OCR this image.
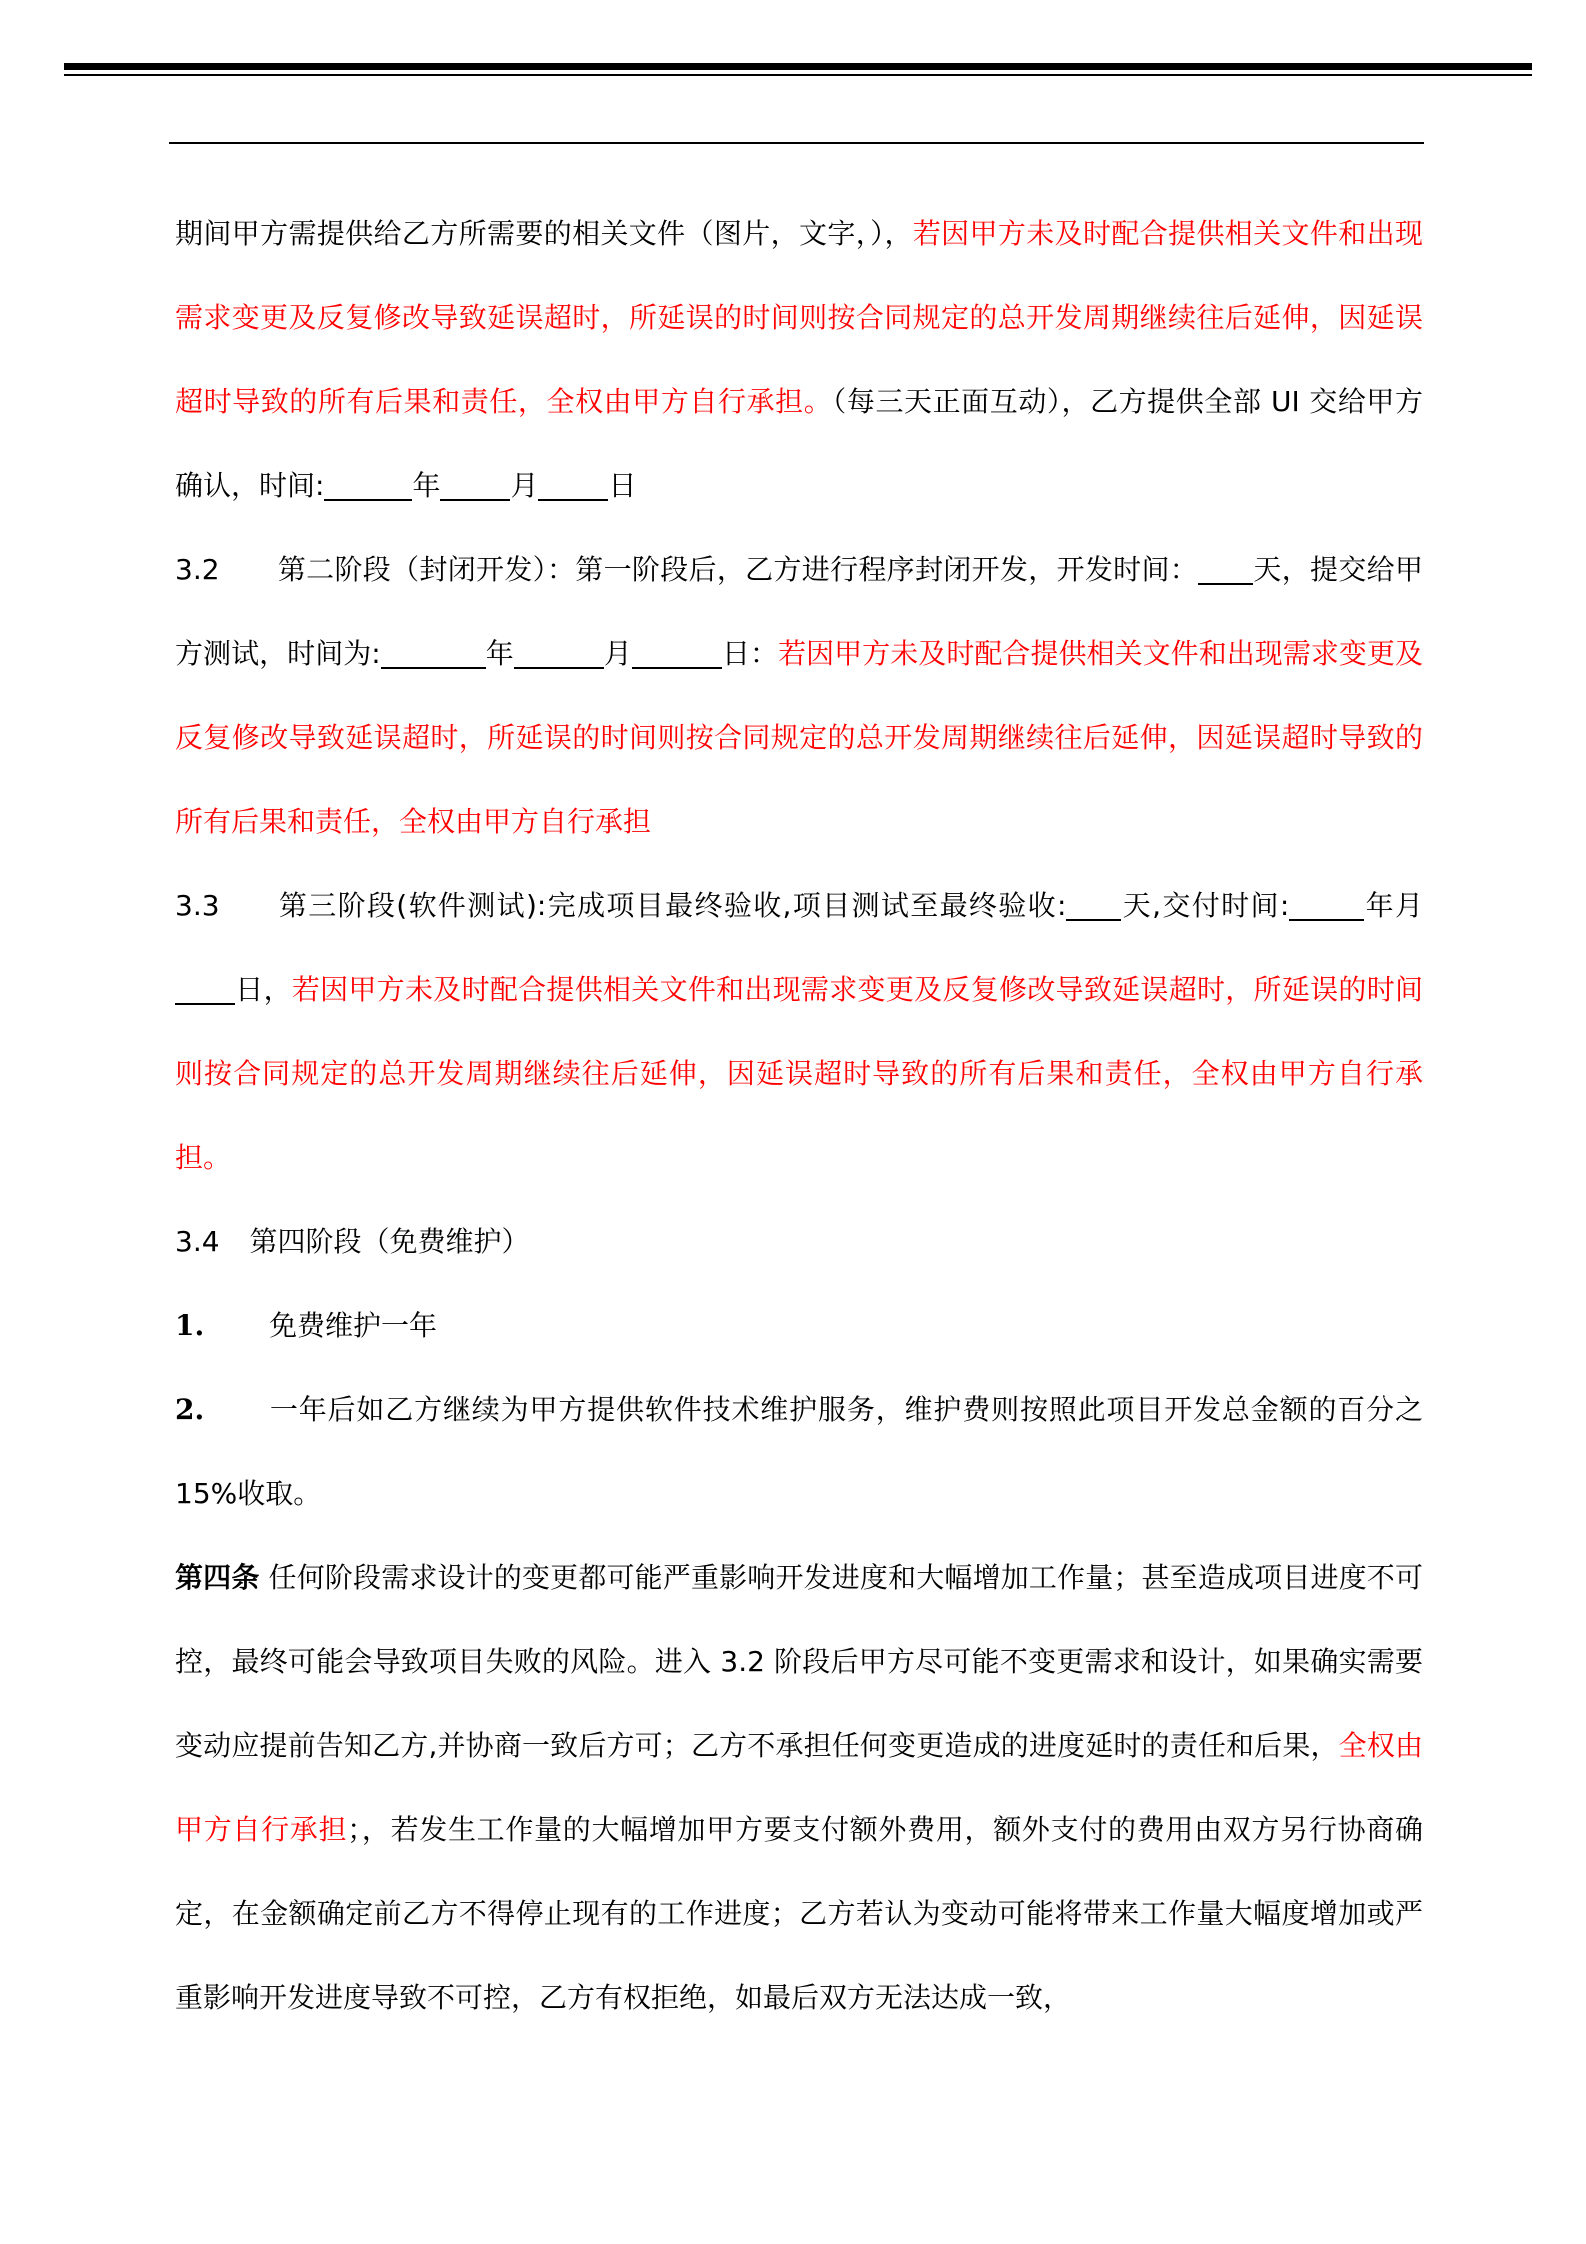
期间甲方需提供给乙方所需要的相关文件（图片，文字，），若因甲方未及时配合提供相关文件和出现需求变更及反复修改导致延误超时，所延误的时间则按合同规定的总开发周期继续往后延伸，因延误超时导致的所有后果和责任，全权由甲方自行承担。（每三天正面互动），乙方提供全部 UI 交给甲方确认，时间:	年	月	日

3.2 第二阶段（封闭开发）：第一阶段后，乙方进行程序封闭开发，开发时间： 天，提交给甲方测试，时间为:	年	月	日：若因甲方未及时配合提供相关文件和出现需求变更及反复修改导致延误超时，所延误的时间则按合同规定的总开发周期继续往后延伸，因延误超时导致的所有后果和责任，全权由甲方自行承担

3.3 第三阶段(软件测试):完成项目最终验收,项目测试至最终验收: 天,交付时间:	年月日，若因甲方未及时配合提供相关文件和出现需求变更及反复修改导致延误超时，所延误的时间则按合同规定的总开发周期继续往后延伸，因延误超时导致的所有后果和责任，全权由甲方自行承担。

3.4 第四阶段（免费维护）

1. 免费维护一年

2. 一年后如乙方继续为甲方提供软件技术维护服务，维护费则按照此项目开发总金额的百分之 15%收取。

第四条 任何阶段需求设计的变更都可能严重影响开发进度和大幅增加工作量；甚至造成项目进度不可控，最终可能会导致项目失败的风险。进入 3.2 阶段后甲方尽可能不变更需求和设计，如果确实需要变动应提前告知乙方,并协商一致后方可；乙方不承担任何变更造成的进度延时的责任和后果，全权由甲方自行承担；，若发生工作量的大幅增加甲方要支付额外费用，额外支付的费用由双方另行协商确定，在金额确定前乙方不得停止现有的工作进度；乙方若认为变动可能将带来工作量大幅度增加或严重影响开发进度导致不可控，乙方有权拒绝，如最后双方无法达成一致，
